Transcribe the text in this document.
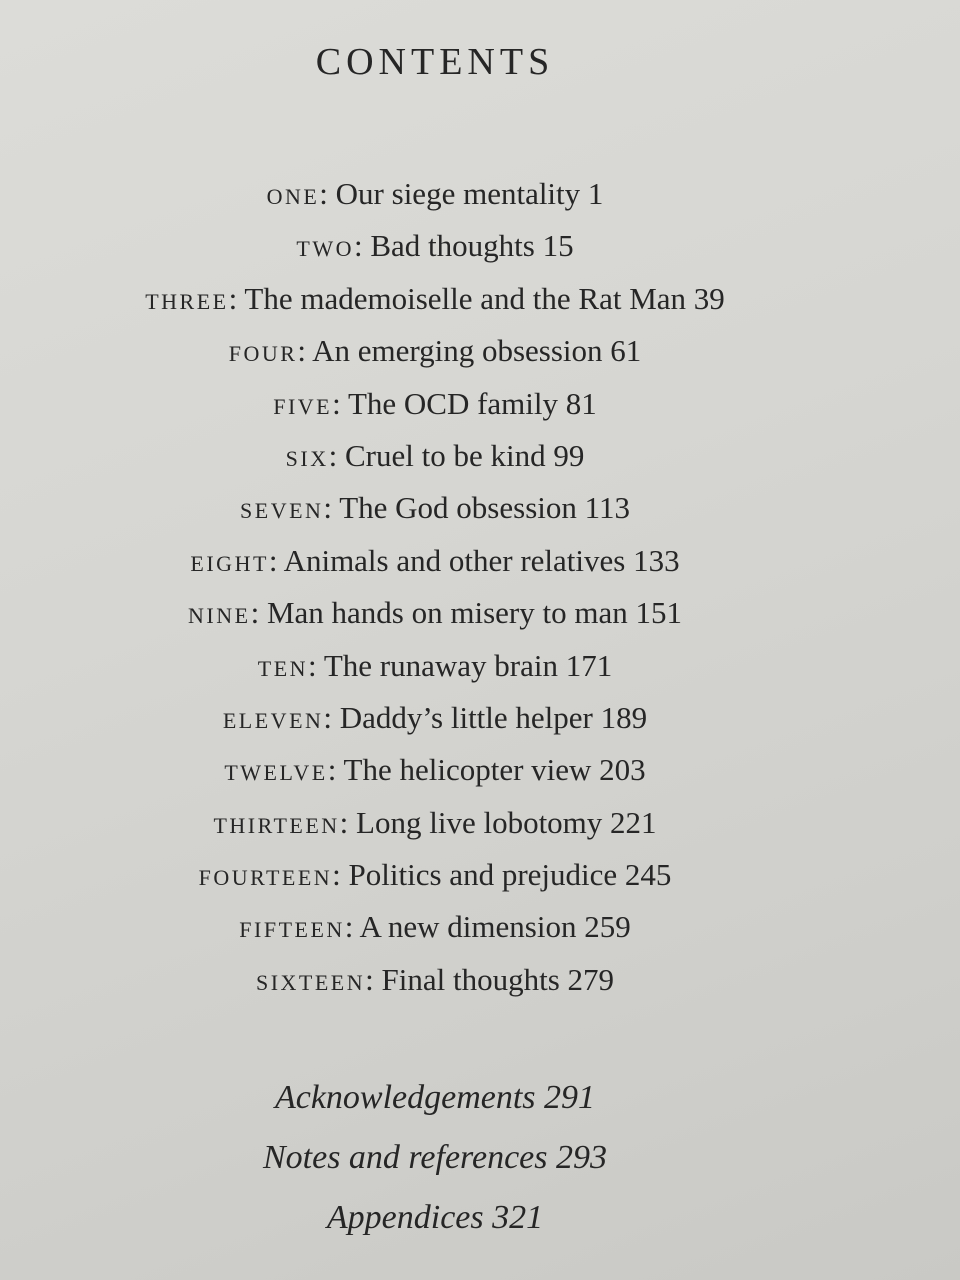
CONTENTS
one: Our siege mentality 1
two: Bad thoughts 15
three: The mademoiselle and the Rat Man 39
four: An emerging obsession 61
five: The OCD family 81
six: Cruel to be kind 99
seven: The God obsession 113
eight: Animals and other relatives 133
nine: Man hands on misery to man 151
ten: The runaway brain 171
eleven: Daddy’s little helper 189
twelve: The helicopter view 203
thirteen: Long live lobotomy 221
fourteen: Politics and prejudice 245
fifteen: A new dimension 259
sixteen: Final thoughts 279
Acknowledgements 291
Notes and references 293
Appendices 321
